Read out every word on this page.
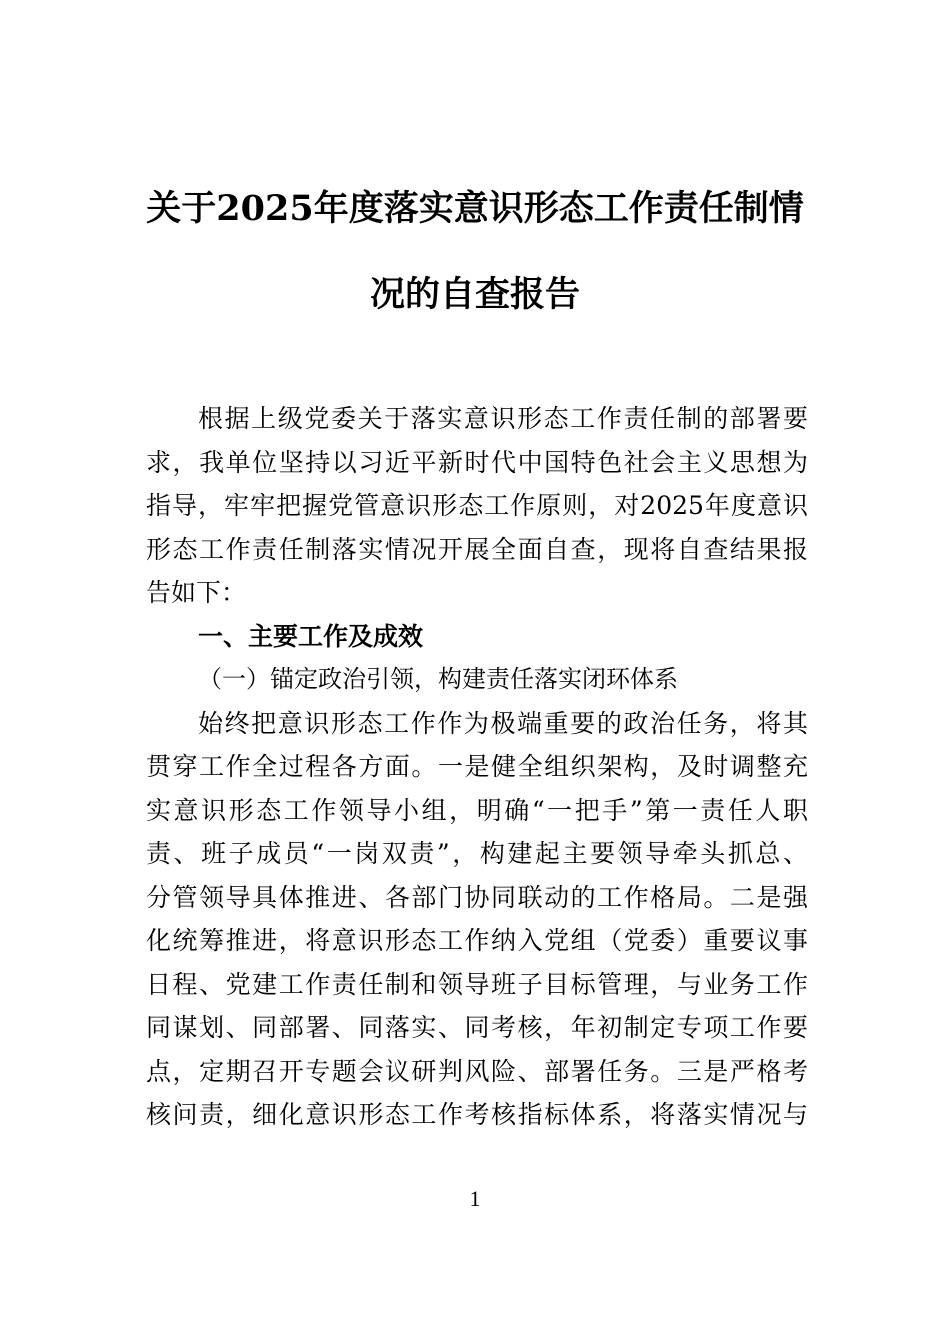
关于2025年度落实意识形态工作责任制情
况的自查报告
根据上级党委关于落实意识形态工作责任制的部署要
求，我单位坚持以习近平新时代中国特色社会主义思想为
指导，牢牢把握党管意识形态工作原则，对2025年度意识
形态工作责任制落实情况开展全面自查，现将自查结果报
告如下：
一、主要工作及成效
（一）锚定政治引领，构建责任落实闭环体系
始终把意识形态工作作为极端重要的政治任务，将其
贯穿工作全过程各方面。一是健全组织架构，及时调整充
实意识形态工作领导小组，明确“一把手”第一责任人职
责、班子成员“一岗双责”，构建起主要领导牵头抓总、
分管领导具体推进、各部门协同联动的工作格局。二是强
化统筹推进，将意识形态工作纳入党组（党委）重要议事
日程、党建工作责任制和领导班子目标管理，与业务工作
同谋划、同部署、同落实、同考核，年初制定专项工作要
点，定期召开专题会议研判风险、部署任务。三是严格考
核问责，细化意识形态工作考核指标体系，将落实情况与
1
